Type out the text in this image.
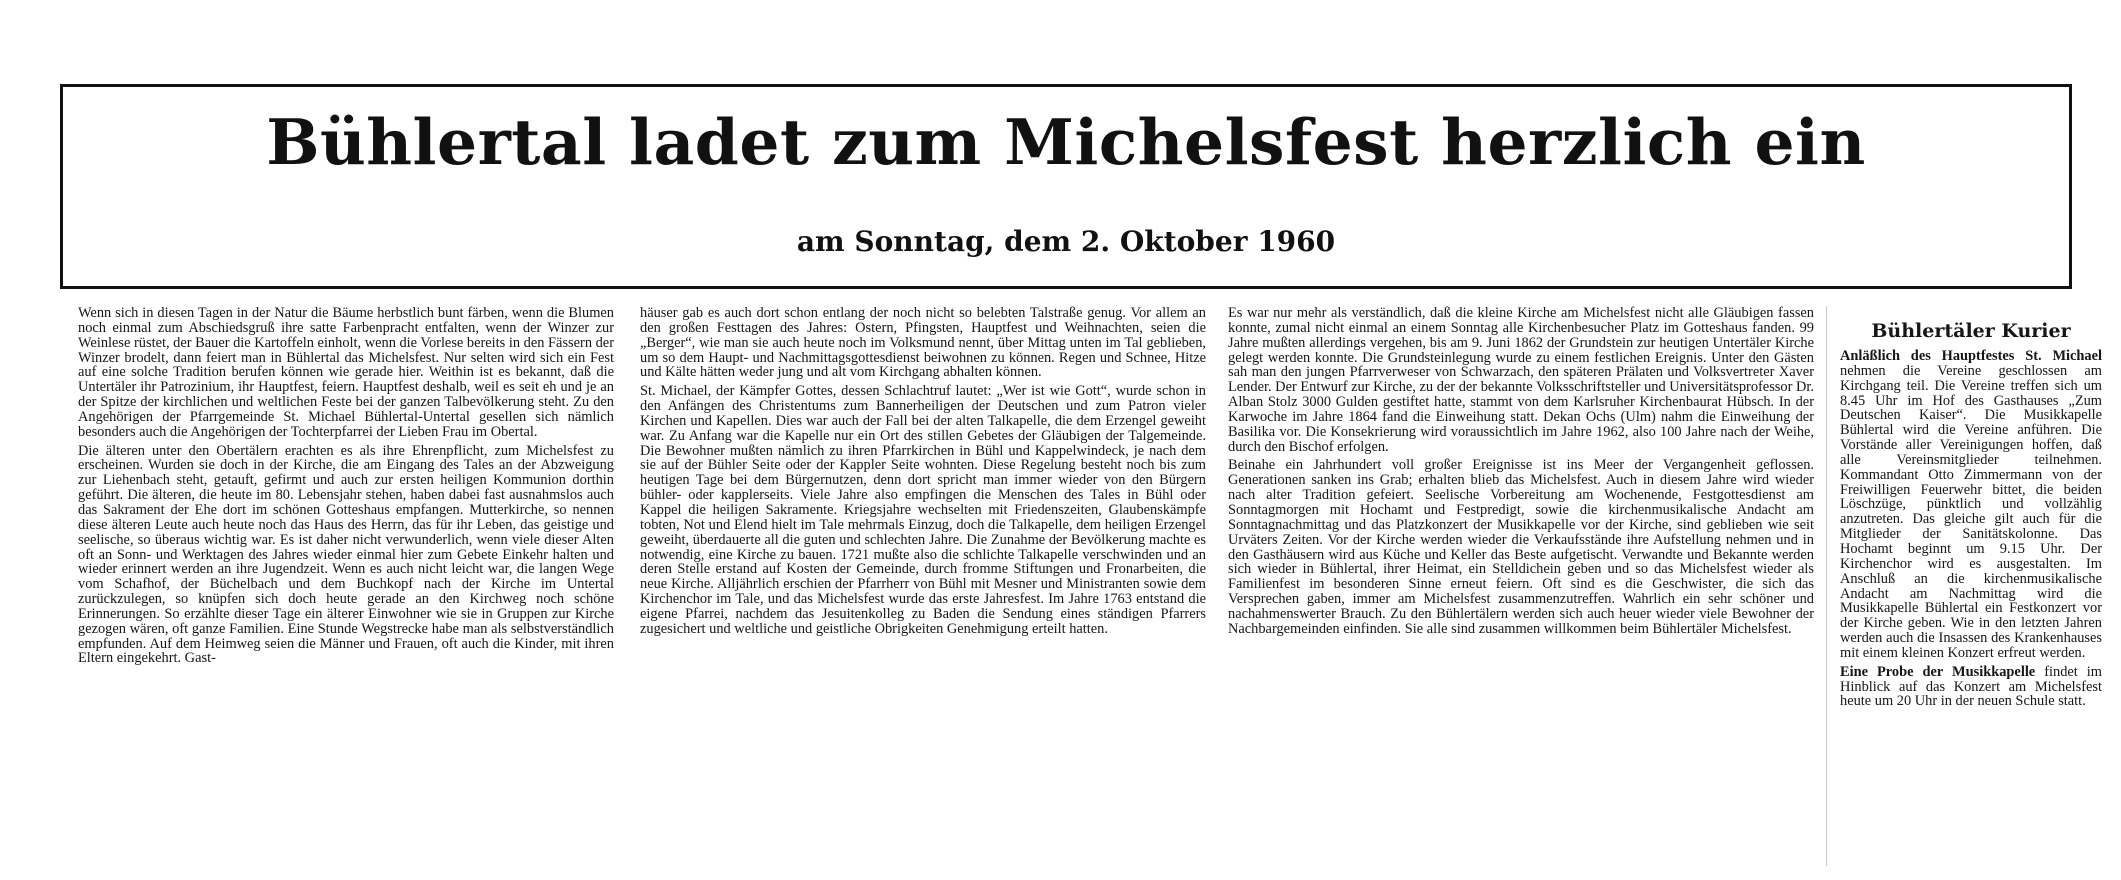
Bühlertal ladet zum Michelsfest herzlich ein
am Sonntag, dem 2. Oktober 1960

Wenn sich in diesen Tagen in der Natur die Bäume herbstlich bunt färben, wenn die Blumen noch einmal zum Abschiedsgruß ihre satte Farbenpracht entfalten, wenn der Winzer zur Weinlese rüstet, der Bauer die Kartoffeln einholt, wenn die Vorlese bereits in den Fässern der Winzer brodelt, dann feiert man in Bühlertal das Michelsfest. Nur selten wird sich ein Fest auf eine solche Tradition berufen können wie gerade hier. Weithin ist es bekannt, daß die Untertäler ihr Patrozinium, ihr Hauptfest, feiern. Hauptfest deshalb, weil es seit eh und je an der Spitze der kirchlichen und weltlichen Feste bei der ganzen Talbevölkerung steht. Zu den Angehörigen der Pfarrgemeinde St. Michael Bühlertal-Untertal gesellen sich nämlich besonders auch die Angehörigen der Tochterpfarrei der Lieben Frau im Obertal.

Die älteren unter den Obertälern erachten es als ihre Ehrenpflicht, zum Michelsfest zu erscheinen. Wurden sie doch in der Kirche, die am Eingang des Tales an der Abzweigung zur Liehenbach steht, getauft, gefirmt und auch zur ersten heiligen Kommunion dorthin geführt. Die älteren, die heute im 80. Lebensjahr stehen, haben dabei fast ausnahmslos auch das Sakrament der Ehe dort im schönen Gotteshaus empfangen. Mutterkirche, so nennen diese älteren Leute auch heute noch das Haus des Herrn, das für ihr Leben, das geistige und seelische, so überaus wichtig war. Es ist daher nicht verwunderlich, wenn viele dieser Alten oft an Sonn- und Werktagen des Jahres wieder einmal hier zum Gebete Einkehr halten und wieder erinnert werden an ihre Jugendzeit. Wenn es auch nicht leicht war, die langen Wege vom Schafhof, der Büchelbach und dem Buchkopf nach der Kirche im Untertal zurückzulegen, so knüpfen sich doch heute gerade an den Kirchweg noch schöne Erinnerungen. So erzählte dieser Tage ein älterer Einwohner wie sie in Gruppen zur Kirche gezogen wären, oft ganze Familien. Eine Stunde Wegstrecke habe man als selbstverständlich empfunden. Auf dem Heimweg seien die Männer und Frauen, oft auch die Kinder, mit ihren Eltern eingekehrt. Gast-

häuser gab es auch dort schon entlang der noch nicht so belebten Talstraße genug. Vor allem an den großen Festtagen des Jahres: Ostern, Pfingsten, Hauptfest und Weihnachten, seien die „Berger“, wie man sie auch heute noch im Volksmund nennt, über Mittag unten im Tal geblieben, um so dem Haupt- und Nachmittagsgottesdienst beiwohnen zu können. Regen und Schnee, Hitze und Kälte hätten weder jung und alt vom Kirchgang abhalten können.

St. Michael, der Kämpfer Gottes, dessen Schlachtruf lautet: „Wer ist wie Gott“, wurde schon in den Anfängen des Christentums zum Bannerheiligen der Deutschen und zum Patron vieler Kirchen und Kapellen. Dies war auch der Fall bei der alten Talkapelle, die dem Erzengel geweiht war. Zu Anfang war die Kapelle nur ein Ort des stillen Gebetes der Gläubigen der Talgemeinde. Die Bewohner mußten nämlich zu ihren Pfarrkirchen in Bühl und Kappelwindeck, je nach dem sie auf der Bühler Seite oder der Kappler Seite wohnten. Diese Regelung besteht noch bis zum heutigen Tage bei dem Bürgernutzen, denn dort spricht man immer wieder von den Bürgern bühler- oder kapplerseits. Viele Jahre also empfingen die Menschen des Tales in Bühl oder Kappel die heiligen Sakramente. Kriegsjahre wechselten mit Friedenszeiten, Glaubenskämpfe tobten, Not und Elend hielt im Tale mehrmals Einzug, doch die Talkapelle, dem heiligen Erzengel geweiht, überdauerte all die guten und schlechten Jahre. Die Zunahme der Bevölkerung machte es notwendig, eine Kirche zu bauen. 1721 mußte also die schlichte Talkapelle verschwinden und an deren Stelle erstand auf Kosten der Gemeinde, durch fromme Stiftungen und Fronarbeiten, die neue Kirche. Alljährlich erschien der Pfarrherr von Bühl mit Mesner und Ministranten sowie dem Kirchenchor im Tale, und das Michelsfest wurde das erste Jahresfest. Im Jahre 1763 entstand die eigene Pfarrei, nachdem das Jesuitenkolleg zu Baden die Sendung eines ständigen Pfarrers zugesichert und weltliche und geistliche Obrigkeiten Genehmigung erteilt hatten.

Es war nur mehr als verständlich, daß die kleine Kirche am Michelsfest nicht alle Gläubigen fassen konnte, zumal nicht einmal an einem Sonntag alle Kirchenbesucher Platz im Gotteshaus fanden. 99 Jahre mußten allerdings vergehen, bis am 9. Juni 1862 der Grundstein zur heutigen Untertäler Kirche gelegt werden konnte. Die Grundsteinlegung wurde zu einem festlichen Ereignis. Unter den Gästen sah man den jungen Pfarrverweser von Schwarzach, den späteren Prälaten und Volksvertreter Xaver Lender. Der Entwurf zur Kirche, zu der der bekannte Volksschriftsteller und Universitätsprofessor Dr. Alban Stolz 3000 Gulden gestiftet hatte, stammt von dem Karlsruher Kirchenbaurat Hübsch. In der Karwoche im Jahre 1864 fand die Einweihung statt. Dekan Ochs (Ulm) nahm die Einweihung der Basilika vor. Die Konsekrierung wird voraussichtlich im Jahre 1962, also 100 Jahre nach der Weihe, durch den Bischof erfolgen.

Beinahe ein Jahrhundert voll großer Ereignisse ist ins Meer der Vergangenheit geflossen. Generationen sanken ins Grab; erhalten blieb das Michelsfest. Auch in diesem Jahre wird wieder nach alter Tradition gefeiert. Seelische Vorbereitung am Wochenende, Festgottesdienst am Sonntagmorgen mit Hochamt und Festpredigt, sowie die kirchenmusikalische Andacht am Sonntagnachmittag und das Platzkonzert der Musikkapelle vor der Kirche, sind geblieben wie seit Urväters Zeiten. Vor der Kirche werden wieder die Verkaufsstände ihre Aufstellung nehmen und in den Gasthäusern wird aus Küche und Keller das Beste aufgetischt. Verwandte und Bekannte werden sich wieder in Bühlertal, ihrer Heimat, ein Stelldichein geben und so das Michelsfest wieder als Familienfest im besonderen Sinne erneut feiern. Oft sind es die Geschwister, die sich das Versprechen gaben, immer am Michelsfest zusammenzutreffen. Wahrlich ein sehr schöner und nachahmenswerter Brauch. Zu den Bühlertälern werden sich auch heuer wieder viele Bewohner der Nachbargemeinden einfinden. Sie alle sind zusammen willkommen beim Bühlertäler Michelsfest.

Bühlertäler Kurier

Anläßlich des Hauptfestes St. Michael nehmen die Vereine geschlossen am Kirchgang teil. Die Vereine treffen sich um 8.45 Uhr im Hof des Gasthauses „Zum Deutschen Kaiser“. Die Musikkapelle Bühlertal wird die Vereine anführen. Die Vorstände aller Vereinigungen hoffen, daß alle Vereinsmitglieder teilnehmen. Kommandant Otto Zimmermann von der Freiwilligen Feuerwehr bittet, die beiden Löschzüge, pünktlich und vollzählig anzutreten. Das gleiche gilt auch für die Mitglieder der Sanitätskolonne. Das Hochamt beginnt um 9.15 Uhr. Der Kirchenchor wird es ausgestalten. Im Anschluß an die kirchenmusikalische Andacht am Nachmittag wird die Musikkapelle Bühlertal ein Festkonzert vor der Kirche geben. Wie in den letzten Jahren werden auch die Insassen des Krankenhauses mit einem kleinen Konzert erfreut werden.

Eine Probe der Musikkapelle findet im Hinblick auf das Konzert am Michelsfest heute um 20 Uhr in der neuen Schule statt.
